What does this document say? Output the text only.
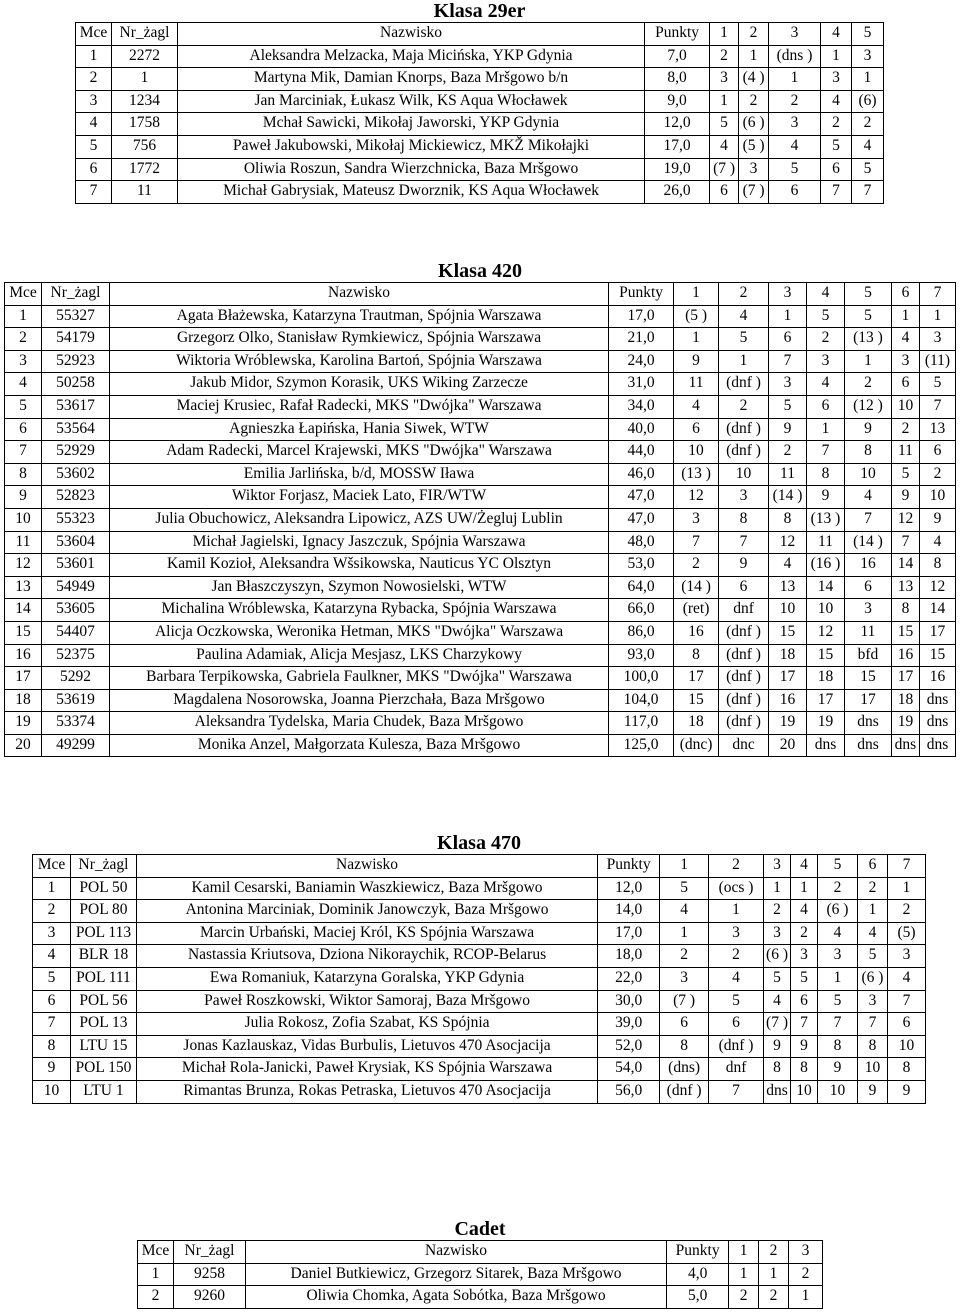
Klasa 29er
Mce	Nr_żagl	Nazwisko	Punkty	1	2	3	4	5
1	2272	Aleksandra Melzacka, Maja Micińska, YKP Gdynia	7,0	2	1	(dns )	1	3
2	1	Martyna Mik, Damian Knorps, Baza Mršgowo b/n	8,0	3	(4 )	1	3	1
3	1234	Jan Marciniak, Łukasz Wilk, KS Aqua Włocławek	9,0	1	2	2	4	(6)
4	1758	Mchał Sawicki, Mikołaj Jaworski, YKP Gdynia	12,0	5	(6 )	3	2	2
5	756	Paweł Jakubowski, Mikołaj Mickiewicz, MKŽ Mikołajki	17,0	4	(5 )	4	5	4
6	1772	Oliwia Roszun, Sandra Wierzchnicka, Baza Mršgowo	19,0	(7 )	3	5	6	5
7	11	Michał Gabrysiak, Mateusz Dworznik, KS Aqua Włocławek	26,0	6	(7 )	6	7	7
Klasa 420
Mce	Nr_żagl	Nazwisko	Punkty	1	2	3	4	5	6	7
1	55327	Agata Błażewska, Katarzyna Trautman, Spójnia Warszawa	17,0	(5 )	4	1	5	5	1	1
2	54179	Grzegorz Olko, Stanisław Rymkiewicz, Spójnia Warszawa	21,0	1	5	6	2	(13 )	4	3
3	52923	Wiktoria Wróblewska, Karolina Bartoń, Spójnia Warszawa	24,0	9	1	7	3	1	3	(11)
4	50258	Jakub Midor, Szymon Korasik, UKS Wiking Zarzecze	31,0	11	(dnf )	3	4	2	6	5
5	53617	Maciej Krusiec, Rafał Radecki, MKS "Dwójka" Warszawa	34,0	4	2	5	6	(12 )	10	7
6	53564	Agnieszka Łapińska, Hania Siwek, WTW	40,0	6	(dnf )	9	1	9	2	13
7	52929	Adam Radecki, Marcel Krajewski, MKS "Dwójka" Warszawa	44,0	10	(dnf )	2	7	8	11	6
8	53602	Emilia Jarlińska, b/d, MOSSW Iława	46,0	(13 )	10	11	8	10	5	2
9	52823	Wiktor Forjasz, Maciek Lato, FIR/WTW	47,0	12	3	(14 )	9	4	9	10
10	55323	Julia Obuchowicz, Aleksandra Lipowicz, AZS UW/Żegluj Lublin	47,0	3	8	8	(13 )	7	12	9
11	53604	Michał Jagielski, Ignacy Jaszczuk, Spójnia Warszawa	48,0	7	7	12	11	(14 )	7	4
12	53601	Kamil Kozioł, Aleksandra Wšsikowska, Nauticus YC Olsztyn	53,0	2	9	4	(16 )	16	14	8
13	54949	Jan Błaszczyszyn, Szymon Nowosielski, WTW	64,0	(14 )	6	13	14	6	13	12
14	53605	Michalina Wróblewska, Katarzyna Rybacka, Spójnia Warszawa	66,0	(ret)	dnf	10	10	3	8	14
15	54407	Alicja Oczkowska, Weronika Hetman, MKS "Dwójka" Warszawa	86,0	16	(dnf )	15	12	11	15	17
16	52375	Paulina Adamiak, Alicja Mesjasz, LKS Charzykowy	93,0	8	(dnf )	18	15	bfd	16	15
17	5292	Barbara Terpikowska, Gabriela Faulkner, MKS "Dwójka" Warszawa	100,0	17	(dnf )	17	18	15	17	16
18	53619	Magdalena Nosorowska, Joanna Pierzchała, Baza Mršgowo	104,0	15	(dnf )	16	17	17	18	dns
19	53374	Aleksandra Tydelska, Maria Chudek, Baza Mršgowo	117,0	18	(dnf )	19	19	dns	19	dns
20	49299	Monika Anzel, Małgorzata Kulesza, Baza Mršgowo	125,0	(dnc)	dnc	20	dns	dns	dns	dns
Klasa 470
Mce	Nr_żagl	Nazwisko	Punkty	1	2	3	4	5	6	7
1	POL 50	Kamil Cesarski, Baniamin Waszkiewicz, Baza Mršgowo	12,0	5	(ocs )	1	1	2	2	1
2	POL 80	Antonina Marciniak, Dominik Janowczyk, Baza Mršgowo	14,0	4	1	2	4	(6 )	1	2
3	POL 113	Marcin Urbański, Maciej Król, KS Spójnia Warszawa	17,0	1	3	3	2	4	4	(5)
4	BLR 18	Nastassia Kriutsova, Dziona Nikoraychik, RCOP-Belarus	18,0	2	2	(6 )	3	3	5	3
5	POL 111	Ewa Romaniuk, Katarzyna Goralska, YKP Gdynia	22,0	3	4	5	5	1	(6 )	4
6	POL 56	Paweł Roszkowski, Wiktor Samoraj, Baza Mršgowo	30,0	(7 )	5	4	6	5	3	7
7	POL 13	Julia Rokosz, Zofia Szabat, KS Spójnia	39,0	6	6	(7 )	7	7	7	6
8	LTU 15	Jonas Kazlauskaz, Vidas Burbulis, Lietuvos 470 Asocjacija	52,0	8	(dnf )	9	9	8	8	10
9	POL 150	Michał Rola-Janicki, Paweł Krysiak, KS Spójnia Warszawa	54,0	(dns)	dnf	8	8	9	10	8
10	LTU 1	Rimantas Brunza, Rokas Petraska, Lietuvos 470 Asocjacija	56,0	(dnf )	7	dns	10	10	9	9
Cadet
Mce	Nr_żagl	Nazwisko	Punkty	1	2	3
1	9258	Daniel Butkiewicz, Grzegorz Sitarek, Baza Mršgowo	4,0	1	1	2
2	9260	Oliwia Chomka, Agata Sobótka, Baza Mršgowo	5,0	2	2	1
